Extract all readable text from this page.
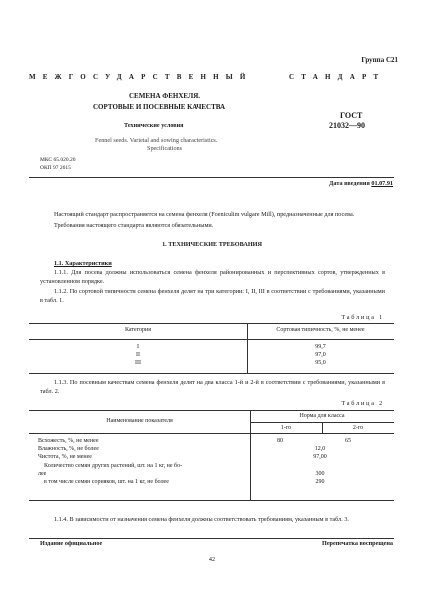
Группа С21
МЕЖГОСУДАРСТВЕННЫЙ	СТАНДАРТ
СЕМЕНА ФЕНХЕЛЯ.
СОРТОВЫЕ И ПОСЕВНЫЕ КАЧЕСТВА
Технические условия
Fennel seeds. Varietal and sowing characteristics.
Specifications
ГОСТ
21032—90
МКС 65.020.20
ОКП 97 2615
Дата введения 01.07.91

Настоящий стандарт распространяется на семена фенхеля (Foeniculim vulgare Mill), предназначенные для посева.

Требования настоящего стандарта являются обязательными.

1. ТЕХНИЧЕСКИЕ ТРЕБОВАНИЯ

1.1. Характеристики

1.1.1. Для посева должны использоваться семена фенхеля районированных и перспективных сортов, утвержденных в установленном порядке.

1.1.2. По сортовой типичности семена фенхеля делят на три категории: I, II, III в соответствии с требованиями, указанными в табл. 1.

Таблица 1
Категория	Сортовая типичность, %, не менее
I	99,7
II	97,0
III	95,0

1.1.3. По посевным качествам семена фенхеля делят на два класса 1-й и 2-й в соответствии с требованиями, указанными в табл. 2.

Таблица 2
Наименование показателя
Норма для класса
1-го	2-го
Всхожесть, %, не менее	80	65
Влажность, %, не более	12,0
Чистота, %, не менее	97,00
Количество семян других растений, шт. на 1 кг, не бо-
лее	300
в том числе семян сорняков, шт. на 1 кг, не более	290

1.1.4. В зависимости от назначения семена фенхеля должны соответствовать требованиям, указанным в табл. 3.

Издание официальное	Перепечатка воспрещена
42
